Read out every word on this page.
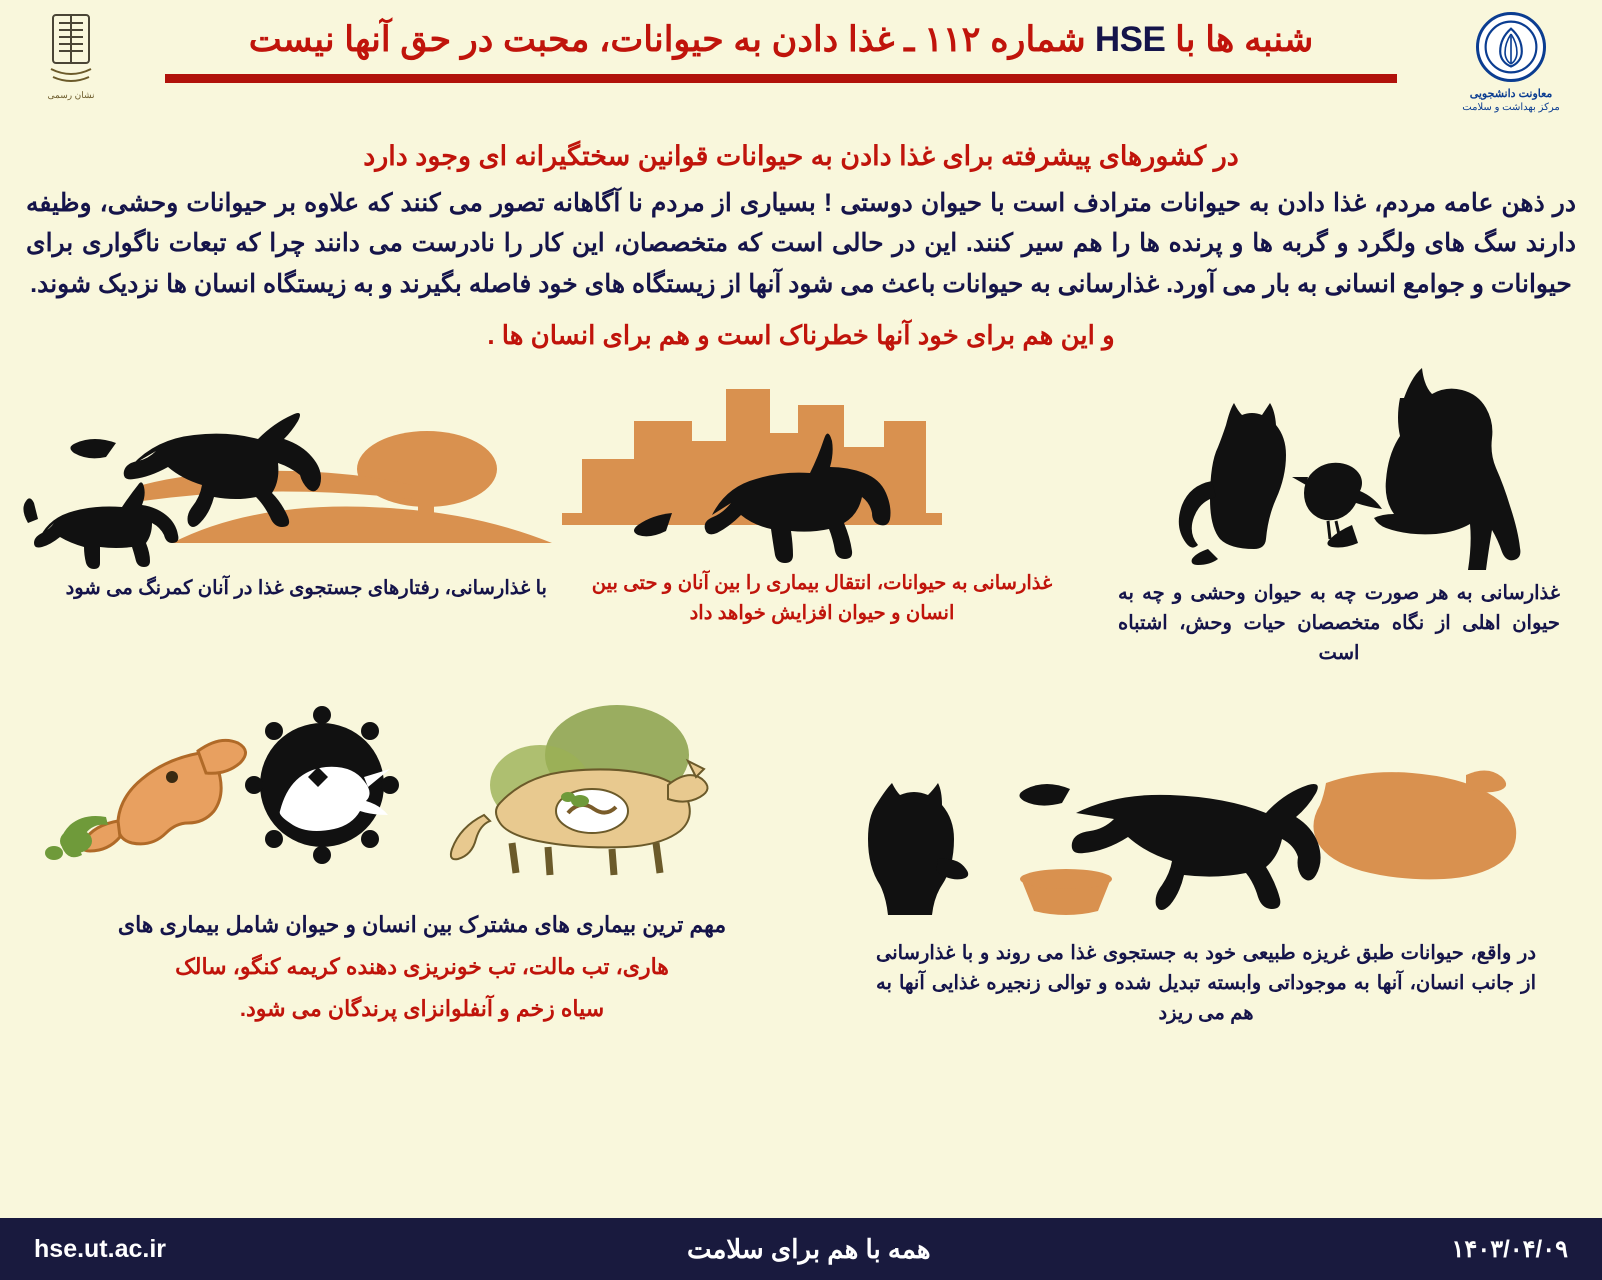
معاونت دانشجویی
مرکز بهداشت و سلامت
شنبه ها با HSE شماره ۱۱۲ ـ غذا دادن به حیوانات، محبت در حق آنها نیست
نشان رسمی
در کشورهای پیشرفته برای غذا دادن به حیوانات قوانین سختگیرانه ای وجود دارد
در ذهن عامه مردم، غذا دادن به حیوانات مترادف است با حیوان دوستی ! بسیاری از مردم نا آگاهانه تصور می کنند که علاوه بر حیوانات وحشی، وظیفه دارند سگ های ولگرد و گربه ها و پرنده ها را هم سیر کنند. این در حالی است که متخصصان، این کار را نادرست می دانند چرا که تبعات ناگواری برای حیوانات و جوامع انسانی به بار می آورد. غذارسانی به حیوانات باعث می شود آنها از زیستگاه های خود فاصله بگیرند و به زیستگاه انسان ها نزدیک شوند.
و این هم برای خود آنها خطرناک است و هم برای انسان ها .
غذارسانی به هر صورت چه به حیوان وحشی و چه به حیوان اهلی از نگاه متخصصان حیات وحش، اشتباه است
غذارسانی به حیوانات، انتقال بیماری را بین آنان و حتی بین انسان و حیوان افزایش خواهد داد
با غذارسانی، رفتارهای جستجوی غذا در آنان کمرنگ می شود
در واقع، حیوانات طبق غریزه طبیعی خود به جستجوی غذا می روند و با غذارسانی از جانب انسان، آنها به موجوداتی وابسته تبدیل شده و توالی زنجیره غذایی آنها به هم می ریزد
مهم ترین بیماری های مشترک بین انسان و حیوان شامل بیماری های
هاری، تب مالت، تب خونریزی دهنده کریمه کنگو، سالک
سیاه زخم و آنفلوانزای پرندگان می شود.
۱۴۰۳/۰۴/۰۹
همه با هم برای سلامت
hse.ut.ac.ir
